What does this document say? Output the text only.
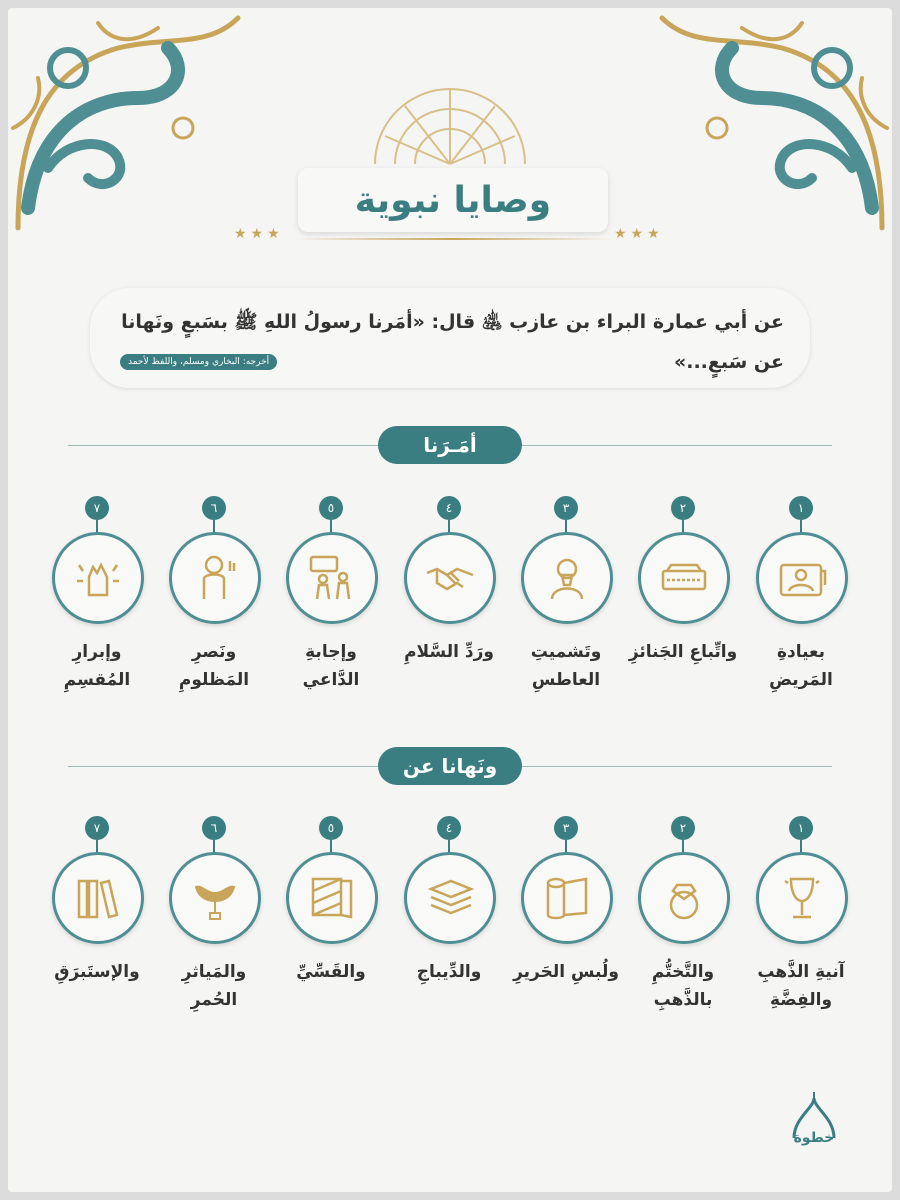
وصايا نبوية
★★★	★★★
عن أبي عمارة البراء بن عازب ﵁ قال: «أمَرنا رسولُ اللهِ ﷺ بسَبعٍ ونَهانا عن سَبعٍ...»
أخرجه: البخاري ومسلم، واللفظ لأحمد
أمَـرَنا
١
بعيادةِ المَريضِ
٢
واتِّباعِ الجَنائزِ
٣
وتَشميتِ العاطسِ
٤
ورَدِّ السَّلامِ
٥
وإجابةِ الدَّاعي
٦
ونَصرِ المَظلومِ
٧
وإبرارِ المُقسِمِ
ونَهانا عن
١
آنيةِ الذَّهبِ والفِضَّةِ
٢
والتَّختُّمِ بالذَّهبِ
٣
ولُبسِ الحَريرِ
٤
والدِّيباجِ
٥
والقَسِّيِّ
٦
والمَياثرِ الحُمرِ
٧
والإستَبرَقِ
خطوة
